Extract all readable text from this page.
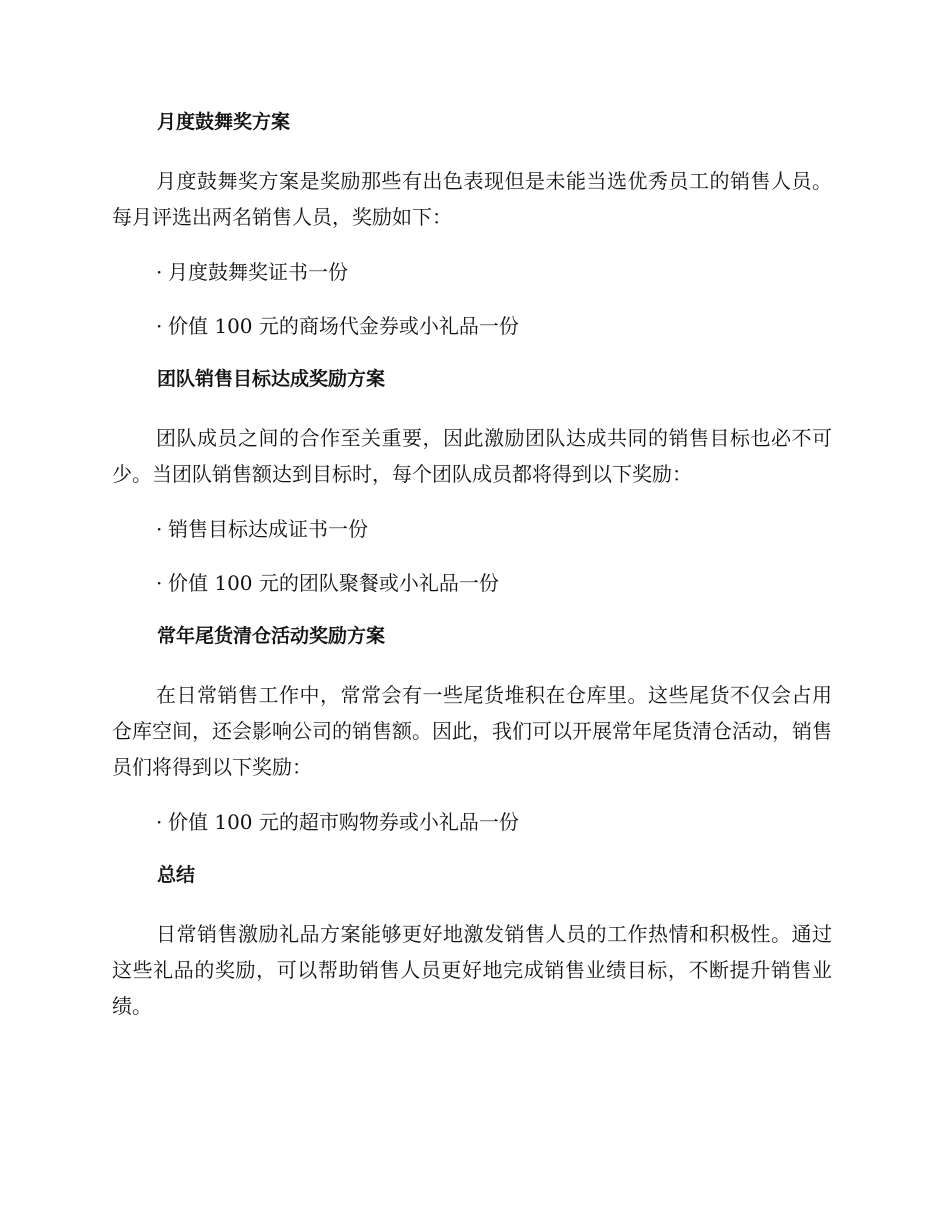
月度鼓舞奖方案

月度鼓舞奖方案是奖励那些有出色表现但是未能当选优秀员工的销售人员。每月评选出两名销售人员，奖励如下：

· 月度鼓舞奖证书一份

· 价值 100 元的商场代金券或小礼品一份

团队销售目标达成奖励方案

团队成员之间的合作至关重要，因此激励团队达成共同的销售目标也必不可少。当团队销售额达到目标时，每个团队成员都将得到以下奖励：

· 销售目标达成证书一份

· 价值 100 元的团队聚餐或小礼品一份

常年尾货清仓活动奖励方案

在日常销售工作中，常常会有一些尾货堆积在仓库里。这些尾货不仅会占用仓库空间，还会影响公司的销售额。因此，我们可以开展常年尾货清仓活动，销售员们将得到以下奖励：

· 价值 100 元的超市购物券或小礼品一份

总结

日常销售激励礼品方案能够更好地激发销售人员的工作热情和积极性。通过这些礼品的奖励，可以帮助销售人员更好地完成销售业绩目标，不断提升销售业绩。
